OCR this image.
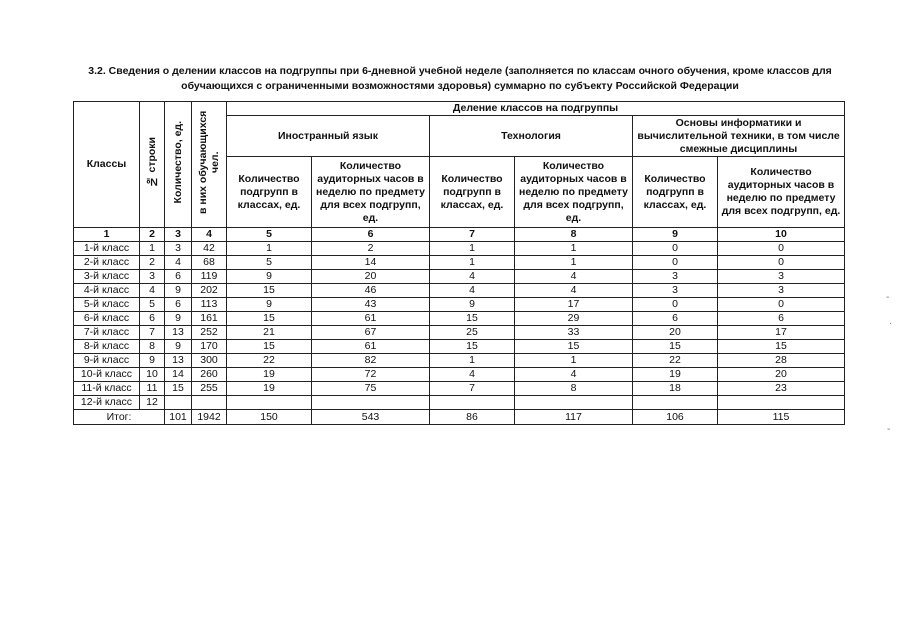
3.2. Сведения о делении классов на подгруппы при 6-дневной учебной неделе (заполняется по классам очного обучения, кроме классов для обучающихся с ограниченными возможностями здоровья) суммарно по субъекту Российской Федерации
Классы	№ строки	Количество, ед.	в них обучающихся чел.	Деление классов на подгруппы					
				Иностранный язык		Технология		Основы информатики и вычислительной техники, в том числе смежные дисциплины	
				Количество подгрупп в классах, ед.	Количество аудиторных часов в неделю по предмету для всех подгрупп, ед.	Количество подгрупп в классах, ед.	Количество аудиторных часов в неделю по предмету для всех подгрупп, ед.	Количество подгрупп в классах, ед.	Количество аудиторных часов в неделю по предмету для всех подгрупп, ед.
1	2	3	4	5	6	7	8	9	10
1-й класс	1	3	42	1	2	1	1	0	0
2-й класс	2	4	68	5	14	1	1	0	0
3-й класс	3	6	119	9	20	4	4	3	3
4-й класс	4	9	202	15	46	4	4	3	3
5-й класс	5	6	113	9	43	9	17	0	0
6-й класс	6	9	161	15	61	15	29	6	6
7-й класс	7	13	252	21	67	25	33	20	17
8-й класс	8	9	170	15	61	15	15	15	15
9-й класс	9	13	300	22	82	1	1	22	28
10-й класс	10	14	260	19	72	4	4	19	20
11-й класс	11	15	255	19	75	7	8	18	23
12-й класс	12								
Итог:		101	1942	150	543	86	117	106	115
-
·
-
